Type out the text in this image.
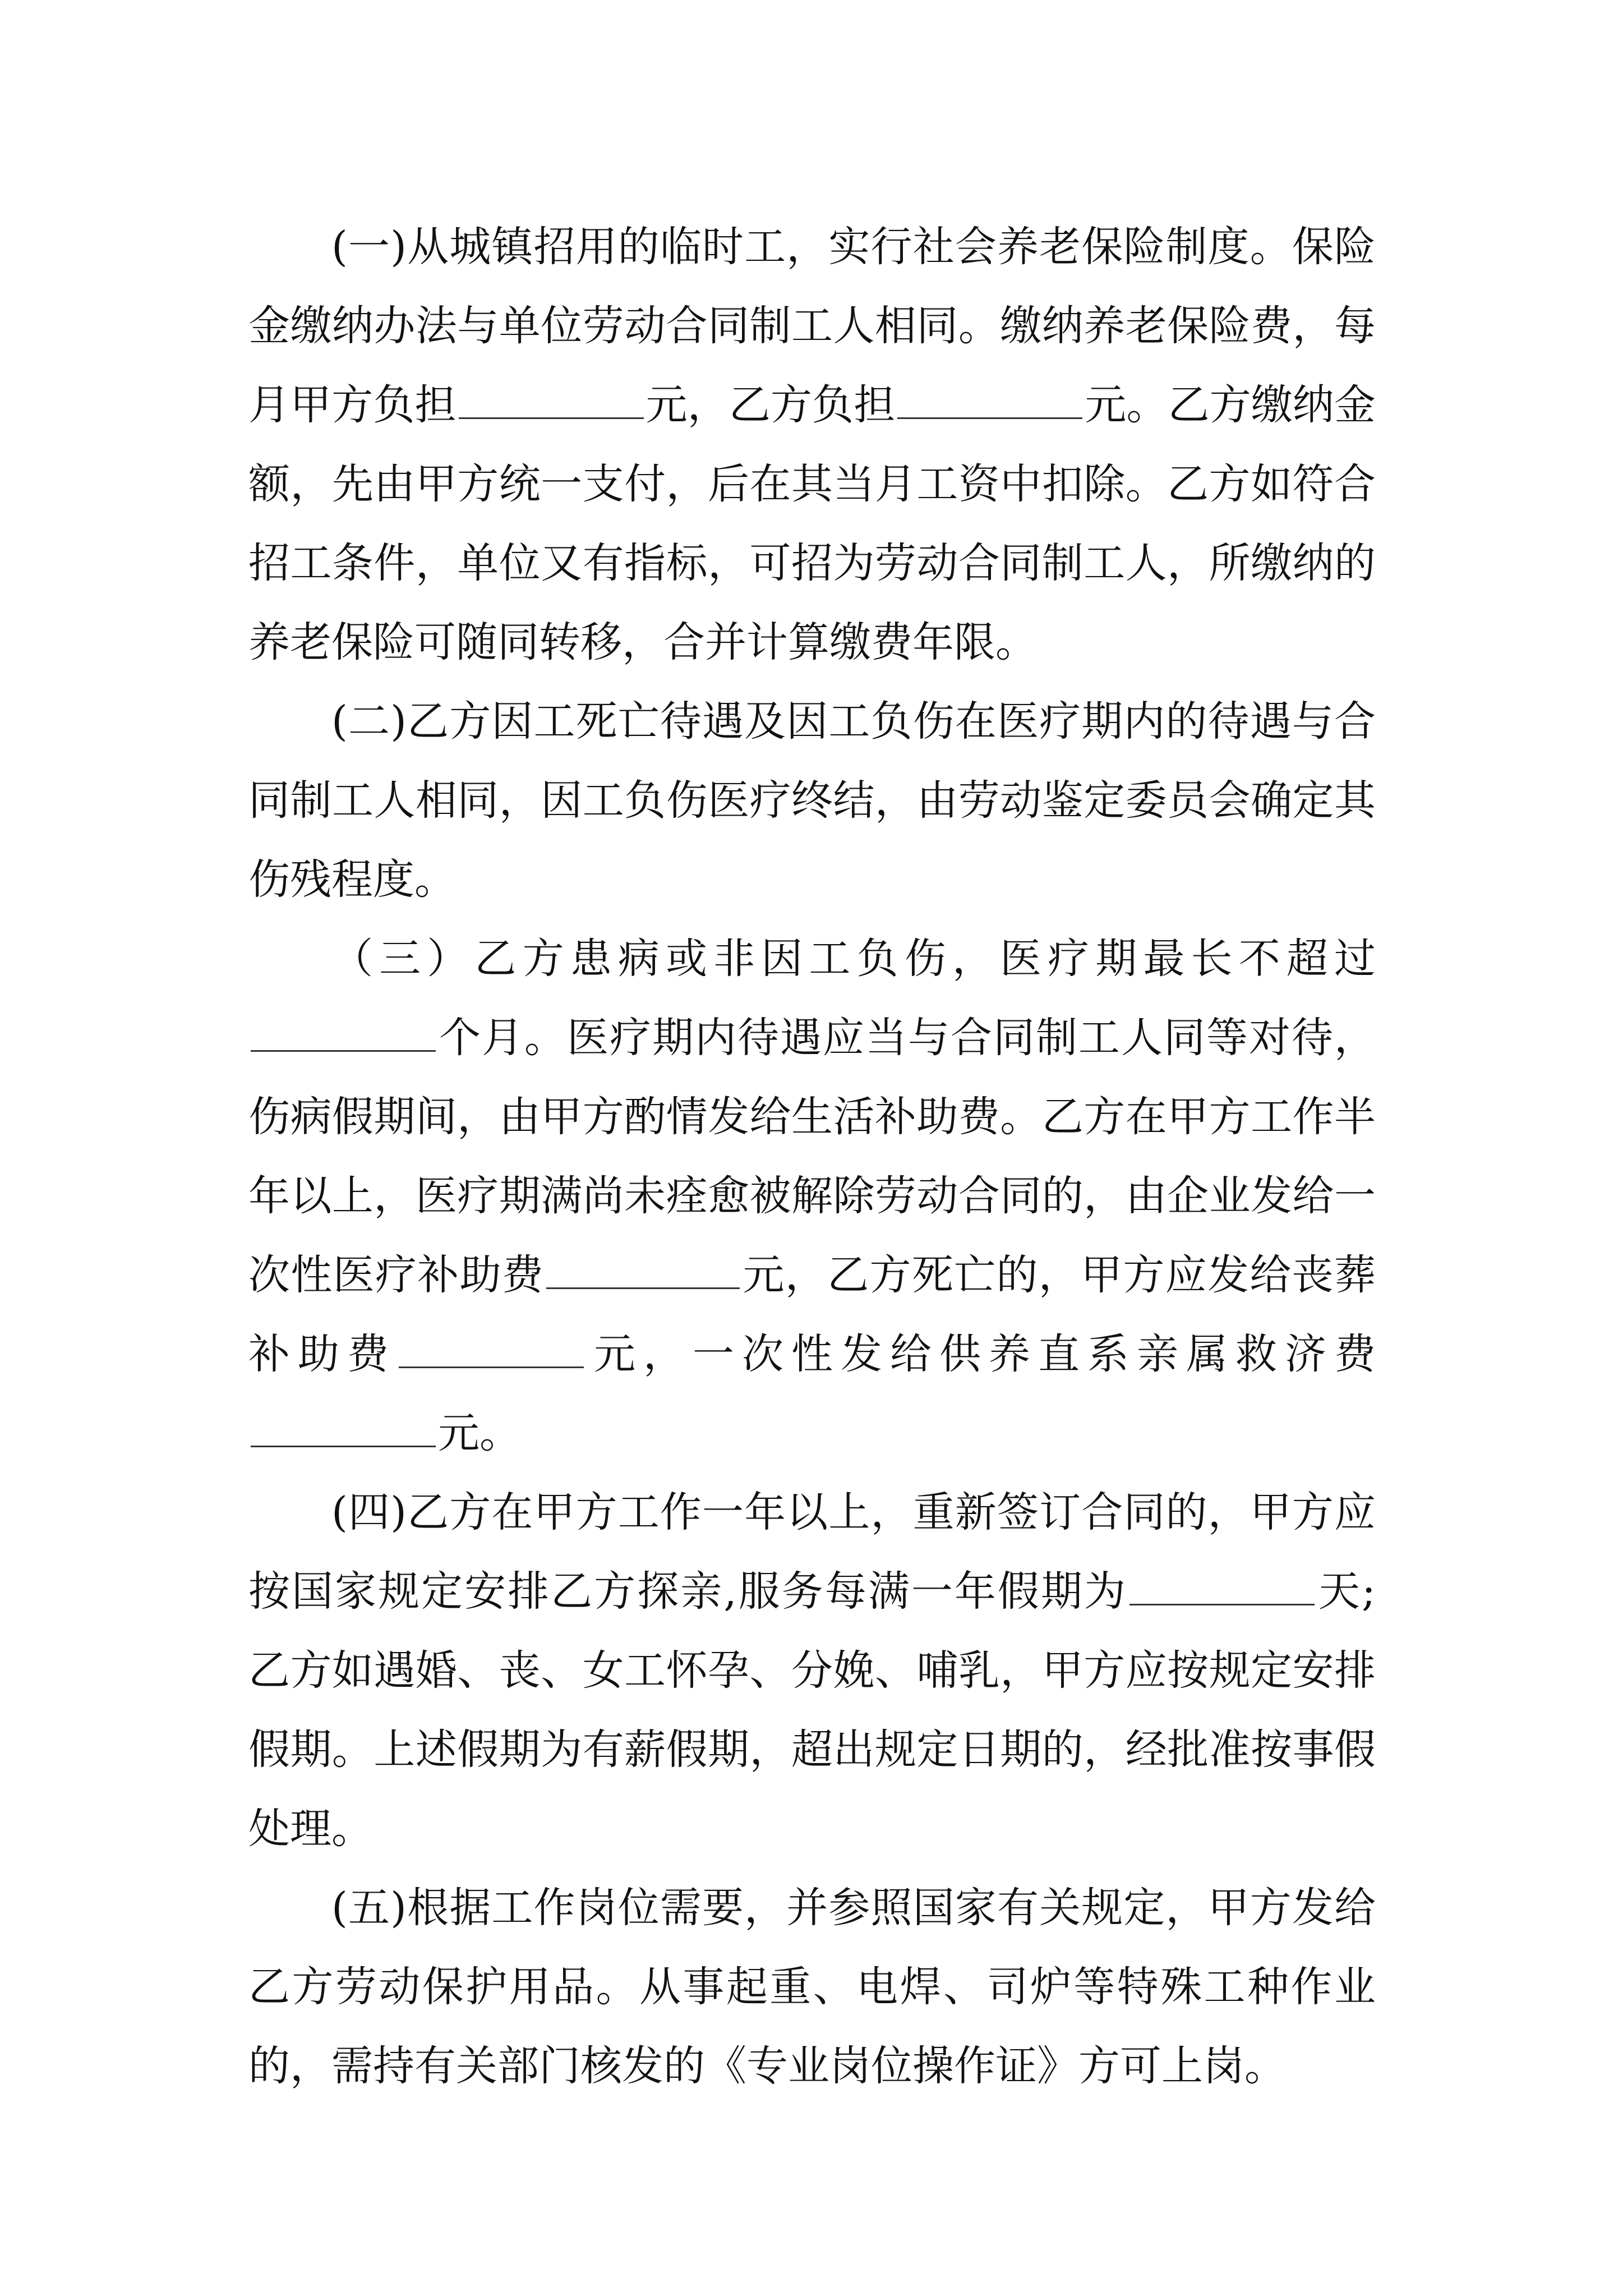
(一)从城镇招用的临时工，实行社会养老保险制度。保险金缴纳办法与单位劳动合同制工人相同。缴纳养老保险费，每月甲方负担	元，乙方负担	元。乙方缴纳金额，先由甲方统一支付，后在其当月工资中扣除。乙方如符合招工条件，单位又有指标，可招为劳动合同制工人，所缴纳的养老保险可随同转移，合并计算缴费年限。

(二)乙方因工死亡待遇及因工负伤在医疗期内的待遇与合同制工人相同，因工负伤医疗终结，由劳动鉴定委员会确定其伤残程度。

（三）乙方患病或非因工负伤，医疗期最长不超过个月。医疗期内待遇应当与合同制工人同等对待，伤病假期间，由甲方酌情发给生活补助费。乙方在甲方工作半年以上，医疗期满尚未痊愈被解除劳动合同的，由企业发给一次性医疗补助费	元，乙方死亡的，甲方应发给丧葬补助费	元，一次性发给供养直系亲属救济费元。

(四)乙方在甲方工作一年以上，重新签订合同的，甲方应按国家规定安排乙方探亲,服务每满一年假期为	天;乙方如遇婚、丧、女工怀孕、分娩、哺乳，甲方应按规定安排假期。上述假期为有薪假期，超出规定日期的，经批准按事假处理。

(五)根据工作岗位需要，并参照国家有关规定，甲方发给乙方劳动保护用品。从事起重、电焊、司炉等特殊工种作业的，需持有关部门核发的《专业岗位操作证》方可上岗。
